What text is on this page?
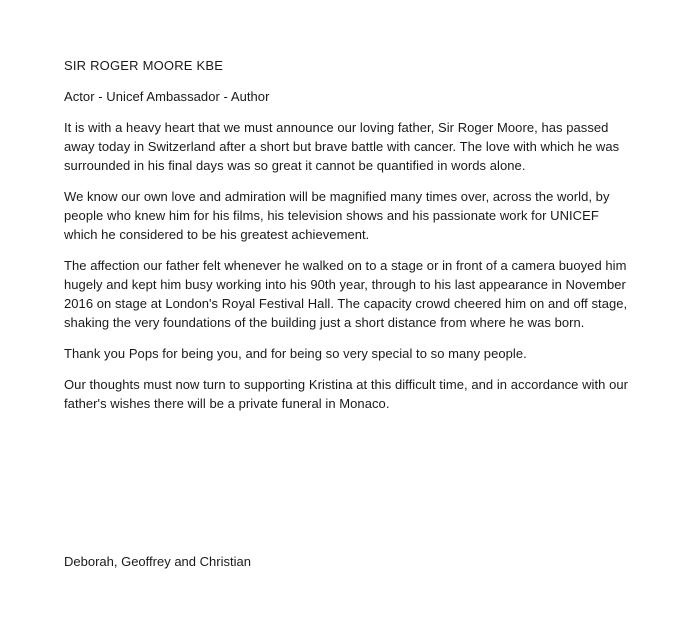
SIR ROGER MOORE KBE

Actor - Unicef Ambassador - Author

It is with a heavy heart that we must announce our loving father, Sir Roger Moore, has passed away today in Switzerland after a short but brave battle with cancer. The love with which he was surrounded in his final days was so great it cannot be quantified in words alone.

We know our own love and admiration will be magnified many times over, across the world, by people who knew him for his films, his television shows and his passionate work for UNICEF which he considered to be his greatest achievement.

The affection our father felt whenever he walked on to a stage or in front of a camera buoyed him hugely and kept him busy working into his 90th year, through to his last appearance in November 2016 on stage at London's Royal Festival Hall. The capacity crowd cheered him on and off stage, shaking the very foundations of the building just a short distance from where he was born.

Thank you Pops for being you, and for being so very special to so many people.

Our thoughts must now turn to supporting Kristina at this difficult time, and in accordance with our father's wishes there will be a private funeral in Monaco.

Deborah, Geoffrey and Christian
